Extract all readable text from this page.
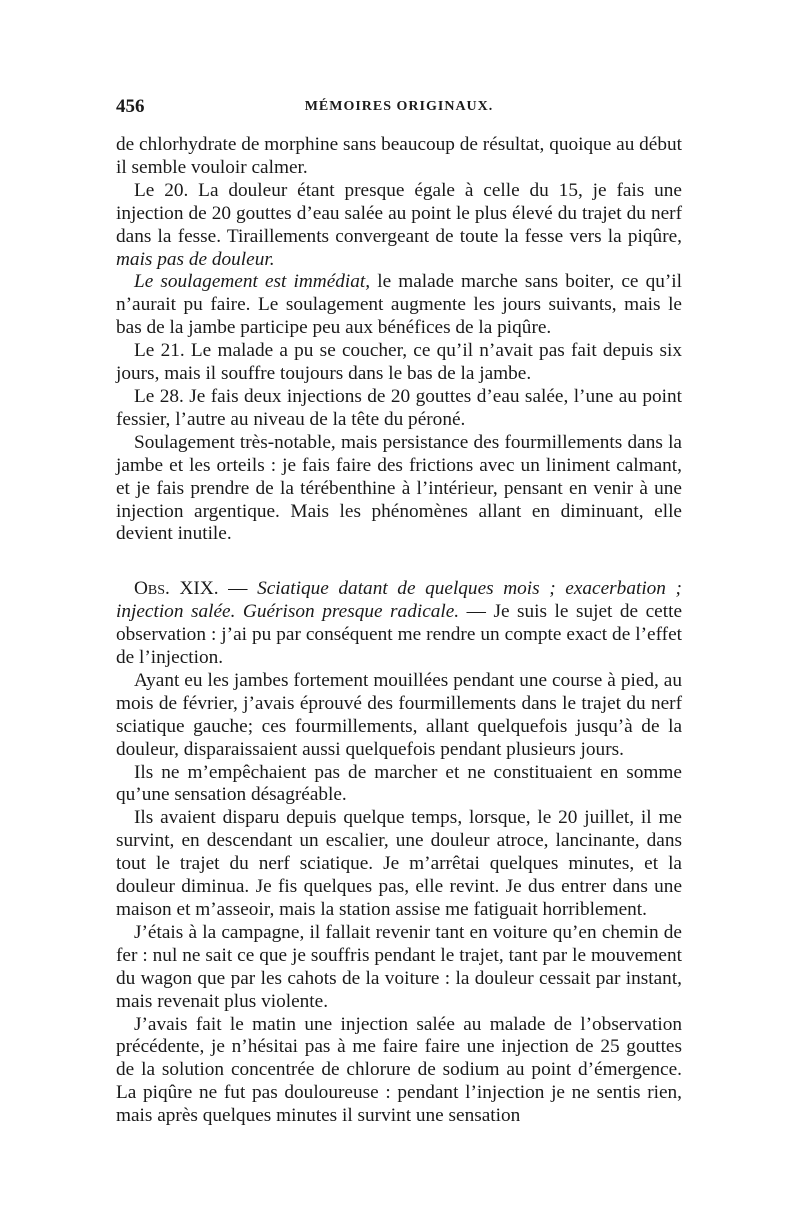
456	MÉMOIRES ORIGINAUX.

de chlorhydrate de morphine sans beaucoup de résultat, quoique au début il semble vouloir calmer.

Le 20. La douleur étant presque égale à celle du 15, je fais une injection de 20 gouttes d’eau salée au point le plus élevé du trajet du nerf dans la fesse. Tiraillements convergeant de toute la fesse vers la piqûre, mais pas de douleur.

Le soulagement est immédiat, le malade marche sans boiter, ce qu’il n’aurait pu faire. Le soulagement augmente les jours suivants, mais le bas de la jambe participe peu aux bénéfices de la piqûre.

Le 21. Le malade a pu se coucher, ce qu’il n’avait pas fait depuis six jours, mais il souffre toujours dans le bas de la jambe.

Le 28. Je fais deux injections de 20 gouttes d’eau salée, l’une au point fessier, l’autre au niveau de la tête du péroné.

Soulagement très-notable, mais persistance des fourmillements dans la jambe et les orteils : je fais faire des frictions avec un liniment calmant, et je fais prendre de la térébenthine à l’intérieur, pensant en venir à une injection argentique. Mais les phénomènes allant en diminuant, elle devient inutile.

Obs. XIX. — Sciatique datant de quelques mois ; exacerbation ; injection salée. Guérison presque radicale. — Je suis le sujet de cette observation : j’ai pu par conséquent me rendre un compte exact de l’effet de l’injection.

Ayant eu les jambes fortement mouillées pendant une course à pied, au mois de février, j’avais éprouvé des fourmillements dans le trajet du nerf sciatique gauche; ces fourmillements, allant quelquefois jusqu’à de la douleur, disparaissaient aussi quelquefois pendant plusieurs jours.

Ils ne m’empêchaient pas de marcher et ne constituaient en somme qu’une sensation désagréable.

Ils avaient disparu depuis quelque temps, lorsque, le 20 juillet, il me survint, en descendant un escalier, une douleur atroce, lancinante, dans tout le trajet du nerf sciatique. Je m’arrêtai quelques minutes, et la douleur diminua. Je fis quelques pas, elle revint. Je dus entrer dans une maison et m’asseoir, mais la station assise me fatiguait horriblement.

J’étais à la campagne, il fallait revenir tant en voiture qu’en chemin de fer : nul ne sait ce que je souffris pendant le trajet, tant par le mouvement du wagon que par les cahots de la voiture : la douleur cessait par instant, mais revenait plus violente.

J’avais fait le matin une injection salée au malade de l’observation précédente, je n’hésitai pas à me faire faire une injection de 25 gouttes de la solution concentrée de chlorure de sodium au point d’émergence. La piqûre ne fut pas douloureuse : pendant l’injection je ne sentis rien, mais après quelques minutes il survint une sensation
